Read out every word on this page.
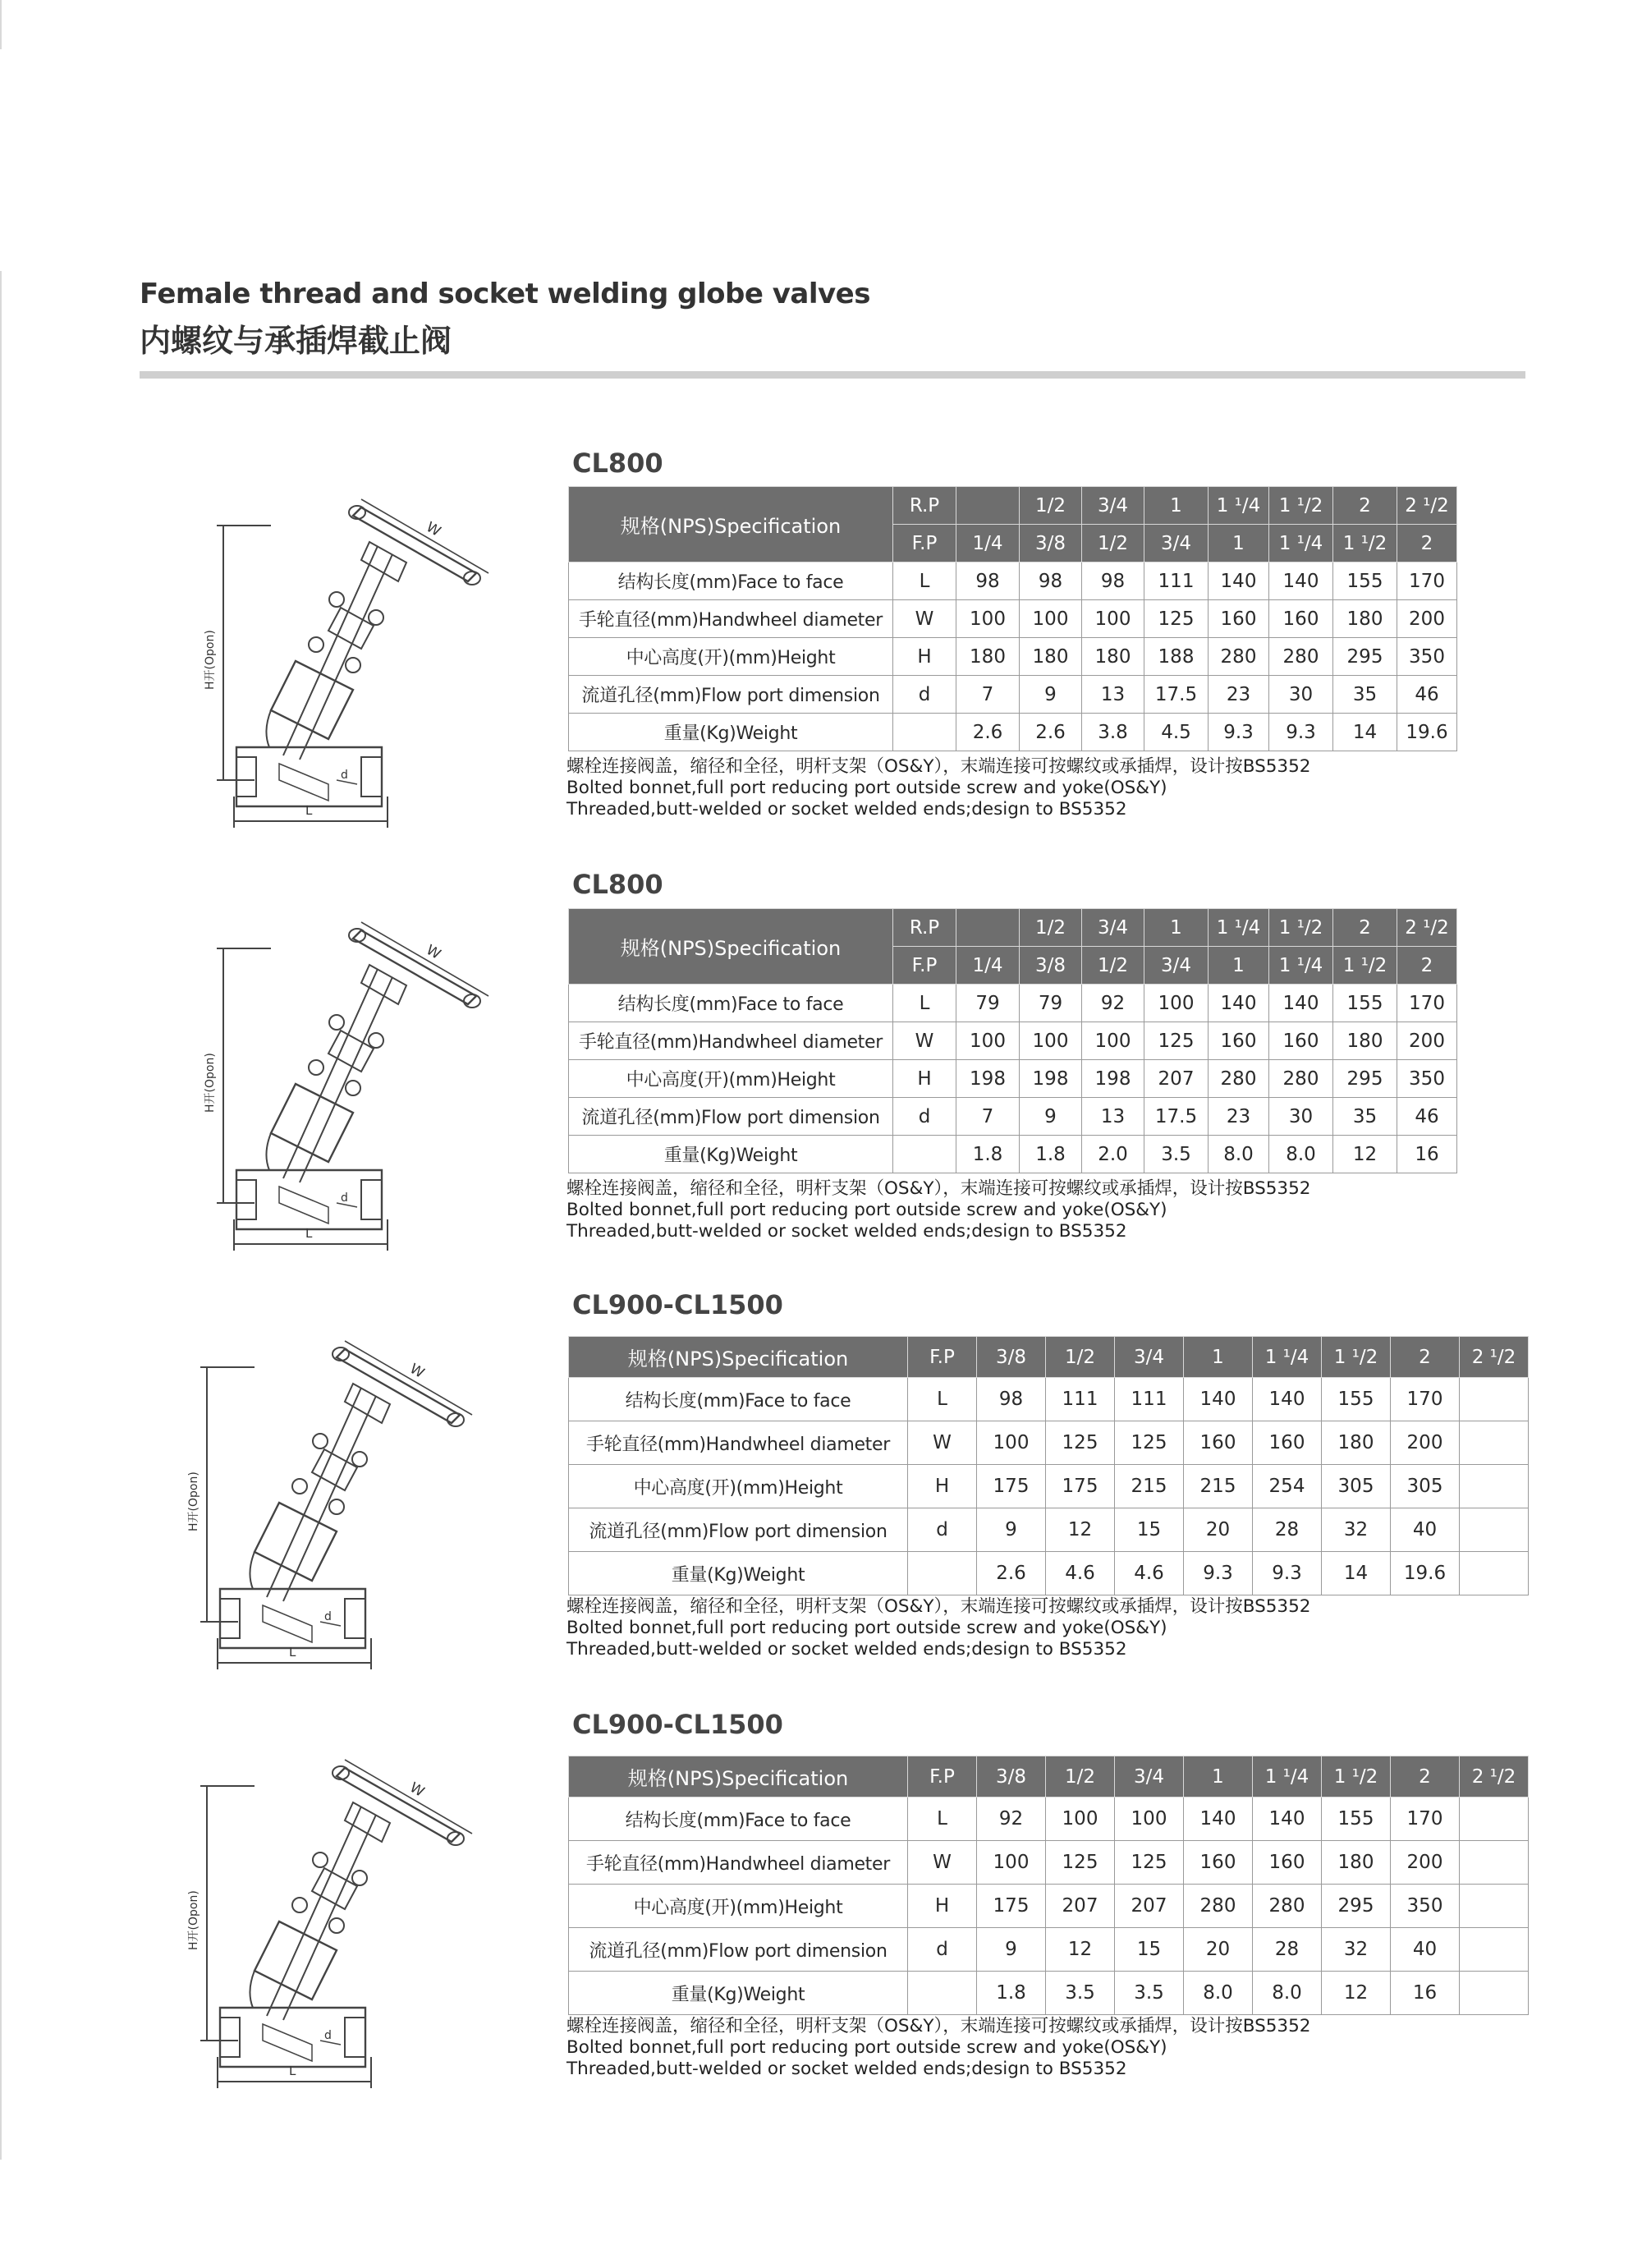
Female thread and socket welding globe valves
内螺纹与承插焊截止阀
CL800
W
H开(Opon)
L
d
规格(NPS)Specification	R.P		1/2	3/4	1	1 ¹/4	1 ¹/2	2	2 ¹/2	
	F.P	1/4	3/8	1/2	3/4	1	1 ¹/4	1 ¹/2	2	
结构长度(mm)Face to face	L	98	98	98	111	140	140	155	170	
手轮直径(mm)Handwheel diameter	W	100	100	100	125	160	160	180	200	
中心高度(开)(mm)Height	H	180	180	180	188	280	280	295	350	
流道孔径(mm)Flow port dimension	d	7	9	13	17.5	23	30	35	46	
重量(Kg)Weight		2.6	2.6	3.8	4.5	9.3	9.3	14	19.6	
螺栓连接阀盖，缩径和全径，明杆支架（OS&Y），末端连接可按螺纹或承插焊，设计按BS5352
Bolted bonnet,full port reducing port outside screw and yoke(OS&Y)
Threaded,butt-welded or socket welded ends;design to BS5352
CL800
W
H开(Opon)
L
d
规格(NPS)Specification	R.P		1/2	3/4	1	1 ¹/4	1 ¹/2	2	2 ¹/2	
	F.P	1/4	3/8	1/2	3/4	1	1 ¹/4	1 ¹/2	2	
结构长度(mm)Face to face	L	79	79	92	100	140	140	155	170	
手轮直径(mm)Handwheel diameter	W	100	100	100	125	160	160	180	200	
中心高度(开)(mm)Height	H	198	198	198	207	280	280	295	350	
流道孔径(mm)Flow port dimension	d	7	9	13	17.5	23	30	35	46	
重量(Kg)Weight		1.8	1.8	2.0	3.5	8.0	8.0	12	16	
螺栓连接阀盖，缩径和全径，明杆支架（OS&Y），末端连接可按螺纹或承插焊，设计按BS5352
Bolted bonnet,full port reducing port outside screw and yoke(OS&Y)
Threaded,butt-welded or socket welded ends;design to BS5352
CL900-CL1500
W
H开(Opon)
L
d
规格(NPS)Specification	F.P	3/8	1/2	3/4	1	1 ¹/4	1 ¹/2	2	2 ¹/2
结构长度(mm)Face to face	L	98	111	111	140	140	155	170	
手轮直径(mm)Handwheel diameter	W	100	125	125	160	160	180	200	
中心高度(开)(mm)Height	H	175	175	215	215	254	305	305	
流道孔径(mm)Flow port dimension	d	9	12	15	20	28	32	40	
重量(Kg)Weight		2.6	4.6	4.6	9.3	9.3	14	19.6	
螺栓连接阀盖，缩径和全径，明杆支架（OS&Y），末端连接可按螺纹或承插焊，设计按BS5352
Bolted bonnet,full port reducing port outside screw and yoke(OS&Y)
Threaded,butt-welded or socket welded ends;design to BS5352
CL900-CL1500
W
H开(Opon)
L
d
规格(NPS)Specification	F.P	3/8	1/2	3/4	1	1 ¹/4	1 ¹/2	2	2 ¹/2
结构长度(mm)Face to face	L	92	100	100	140	140	155	170	
手轮直径(mm)Handwheel diameter	W	100	125	125	160	160	180	200	
中心高度(开)(mm)Height	H	175	207	207	280	280	295	350	
流道孔径(mm)Flow port dimension	d	9	12	15	20	28	32	40	
重量(Kg)Weight		1.8	3.5	3.5	8.0	8.0	12	16	
螺栓连接阀盖，缩径和全径，明杆支架（OS&Y），末端连接可按螺纹或承插焊，设计按BS5352
Bolted bonnet,full port reducing port outside screw and yoke(OS&Y)
Threaded,butt-welded or socket welded ends;design to BS5352
